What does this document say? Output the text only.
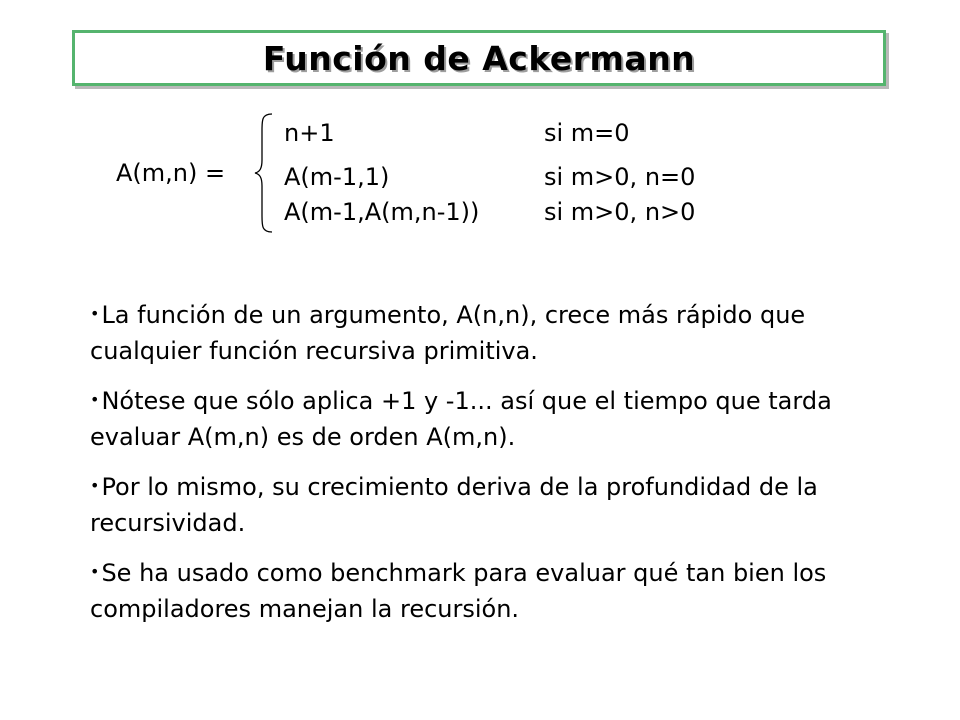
Función de Ackermann
A(m,n) =
n+1	si m=0
A(m-1,1)	si m>0, n=0
A(m-1,A(m,n-1))	si m>0, n>0
•La función de un argumento, A(n,n), crece más rápido que cualquier función recursiva primitiva.
•Nótese que sólo aplica +1 y -1... así que el tiempo que tarda evaluar A(m,n) es de orden A(m,n).
•Por lo mismo, su crecimiento deriva de la profundidad de la recursividad.
•Se ha usado como benchmark para evaluar qué tan bien los compiladores manejan la recursión.
